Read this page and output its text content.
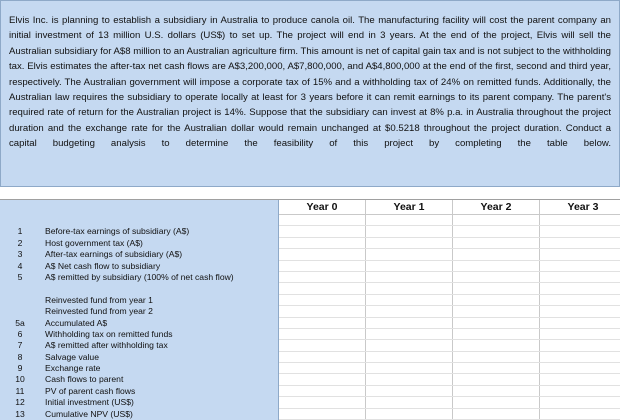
Elvis Inc. is planning to establish a subsidiary in Australia to produce canola oil. The manufacturing facility will cost the parent company an initial investment of 13 million U.S. dollars (US$) to set up. The project will end in 3 years. At the end of the project, Elvis will sell the Australian subsidiary for A$8 million to an Australian agriculture firm. This amount is net of capital gain tax and is not subject to the withholding tax. Elvis estimates the after-tax net cash flows are A$3,200,000, A$7,800,000, and A$4,800,000 at the end of the first, second and third year, respectively. The Australian government will impose a corporate tax of 15% and a withholding tax of 24% on remitted funds. Additionally, the Australian law requires the subsidiary to operate locally at least for 3 years before it can remit earnings to its parent company. The parent's required rate of return for the Australian project is 14%. Suppose that the subsidiary can invest at 8% p.a. in Australia throughout the project duration and the exchange rate for the Australian dollar would remain unchanged at $0.5218 throughout the project duration. Conduct a capital budgeting analysis to determine the feasibility of this project by completing the table below.

		Year 0	Year 1	Year 2	Year 3

1	Before-tax earnings of subsidiary (A$)				
2	Host government tax (A$)				
3	After-tax earnings of subsidiary (A$)				
4	A$ Net cash flow to subsidiary				
5	A$ remitted by subsidiary (100% of net cash flow)				

	Reinvested fund from year 1				
	Reinvested fund from year 2				
5a	Accumulated A$				
6	Withholding tax on remitted funds				
7	A$ remitted after withholding tax				
8	Salvage value				
9	Exchange rate				
10	Cash flows to parent				
11	PV of parent cash flows				
12	Initial investment (US$)				
13	Cumulative NPV (US$)				
